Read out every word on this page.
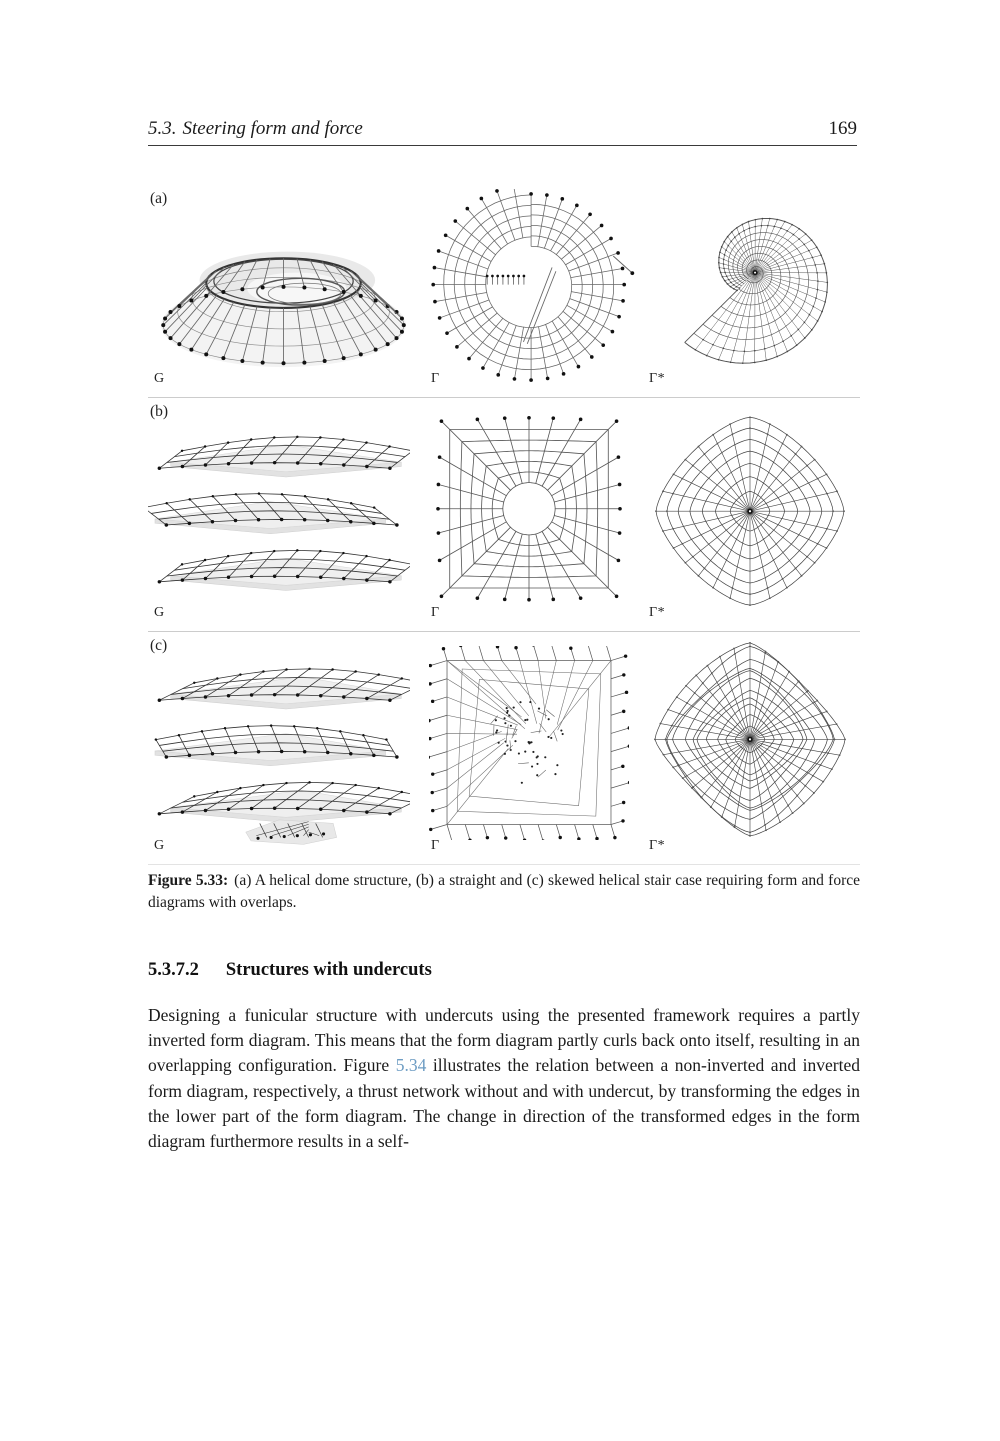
5.3. Steering form and force	169
(a)
G	Γ	Γ*
(b)
G	Γ	Γ*
(c)
G	Γ	Γ*
Figure 5.33: (a) A helical dome structure, (b) a straight and (c) skewed helical stair case requiring form and force diagrams with overlaps.
5.3.7.2 Structures with undercuts
Designing a funicular structure with undercuts using the presented framework requires a partly inverted form diagram. This means that the form diagram partly curls back onto itself, resulting in an overlapping configuration. Figure 5.34 illustrates the relation between a non-inverted and inverted form diagram, respectively, a thrust network without and with undercut, by transforming the edges in the lower part of the form diagram. The change in direction of the transformed edges in the form diagram furthermore results in a self-
